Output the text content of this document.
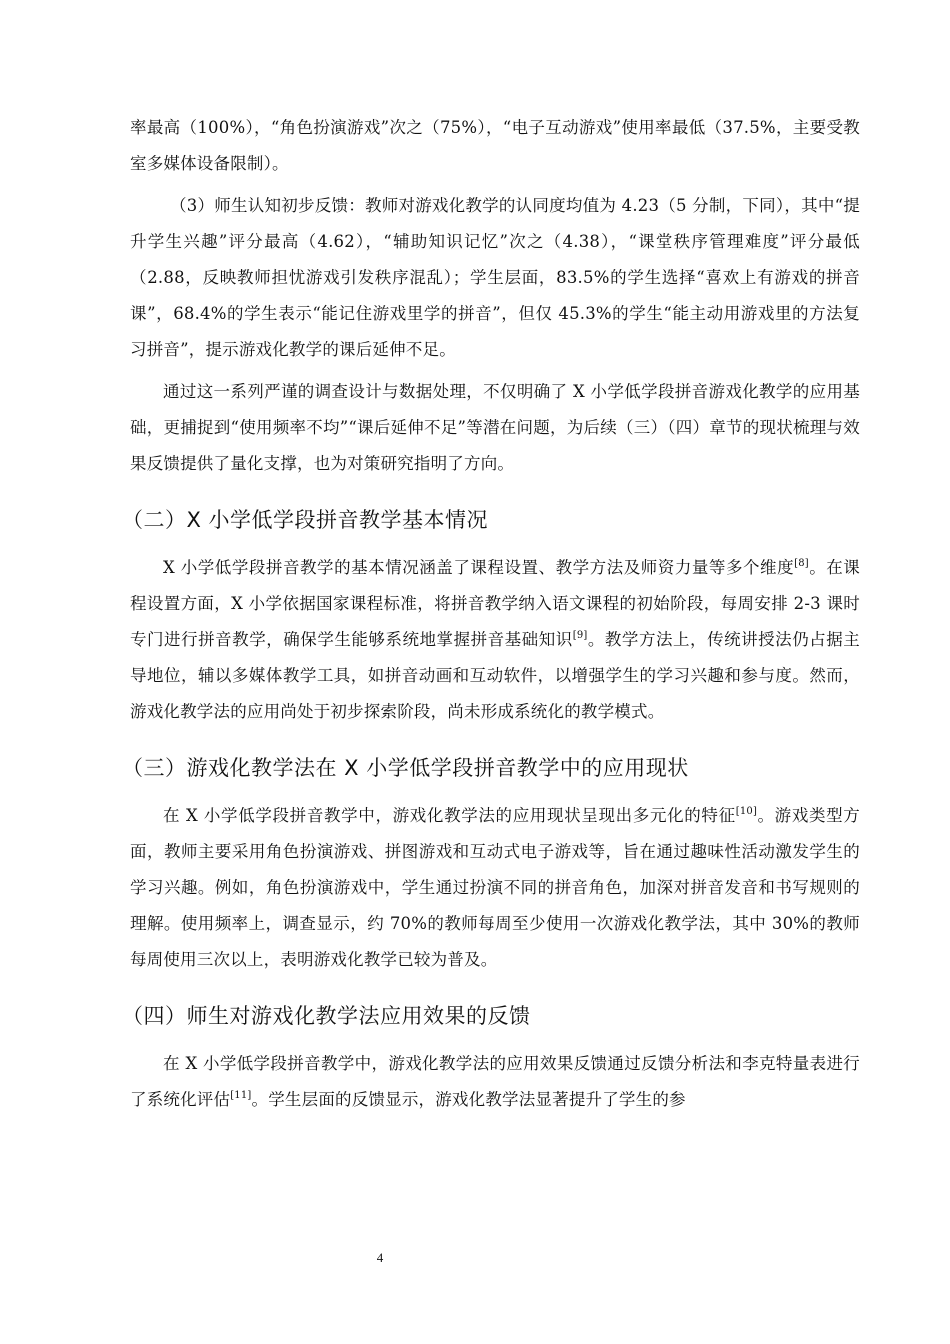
率最高（100%），“角色扮演游戏”次之（75%），“电子互动游戏”使用率最低（37.5%，主要受教室多媒体设备限制）。

（3）师生认知初步反馈：教师对游戏化教学的认同度均值为 4.23（5 分制，下同），其中“提升学生兴趣”评分最高（4.62），“辅助知识记忆”次之（4.38），“课堂秩序管理难度”评分最低（2.88，反映教师担忧游戏引发秩序混乱）；学生层面，83.5%的学生选择“喜欢上有游戏的拼音课”，68.4%的学生表示“能记住游戏里学的拼音”，但仅 45.3%的学生“能主动用游戏里的方法复习拼音”，提示游戏化教学的课后延伸不足。

通过这一系列严谨的调查设计与数据处理，不仅明确了 X 小学低学段拼音游戏化教学的应用基础，更捕捉到“使用频率不均”“课后延伸不足”等潜在问题，为后续（三）（四）章节的现状梳理与效果反馈提供了量化支撑，也为对策研究指明了方向。

（二）X 小学低学段拼音教学基本情况

X 小学低学段拼音教学的基本情况涵盖了课程设置、教学方法及师资力量等多个维度[8]。在课程设置方面，X 小学依据国家课程标准，将拼音教学纳入语文课程的初始阶段，每周安排 2-3 课时专门进行拼音教学，确保学生能够系统地掌握拼音基础知识[9]。教学方法上，传统讲授法仍占据主导地位，辅以多媒体教学工具，如拼音动画和互动软件，以增强学生的学习兴趣和参与度。然而，游戏化教学法的应用尚处于初步探索阶段，尚未形成系统化的教学模式。

（三）游戏化教学法在 X 小学低学段拼音教学中的应用现状

在 X 小学低学段拼音教学中，游戏化教学法的应用现状呈现出多元化的特征[10]。游戏类型方面，教师主要采用角色扮演游戏、拼图游戏和互动式电子游戏等，旨在通过趣味性活动激发学生的学习兴趣。例如，角色扮演游戏中，学生通过扮演不同的拼音角色，加深对拼音发音和书写规则的理解。使用频率上，调查显示，约 70%的教师每周至少使用一次游戏化教学法，其中 30%的教师每周使用三次以上，表明游戏化教学已较为普及。

（四）师生对游戏化教学法应用效果的反馈

在 X 小学低学段拼音教学中，游戏化教学法的应用效果反馈通过反馈分析法和李克特量表进行了系统化评估[11]。学生层面的反馈显示，游戏化教学法显著提升了学生的参

4
